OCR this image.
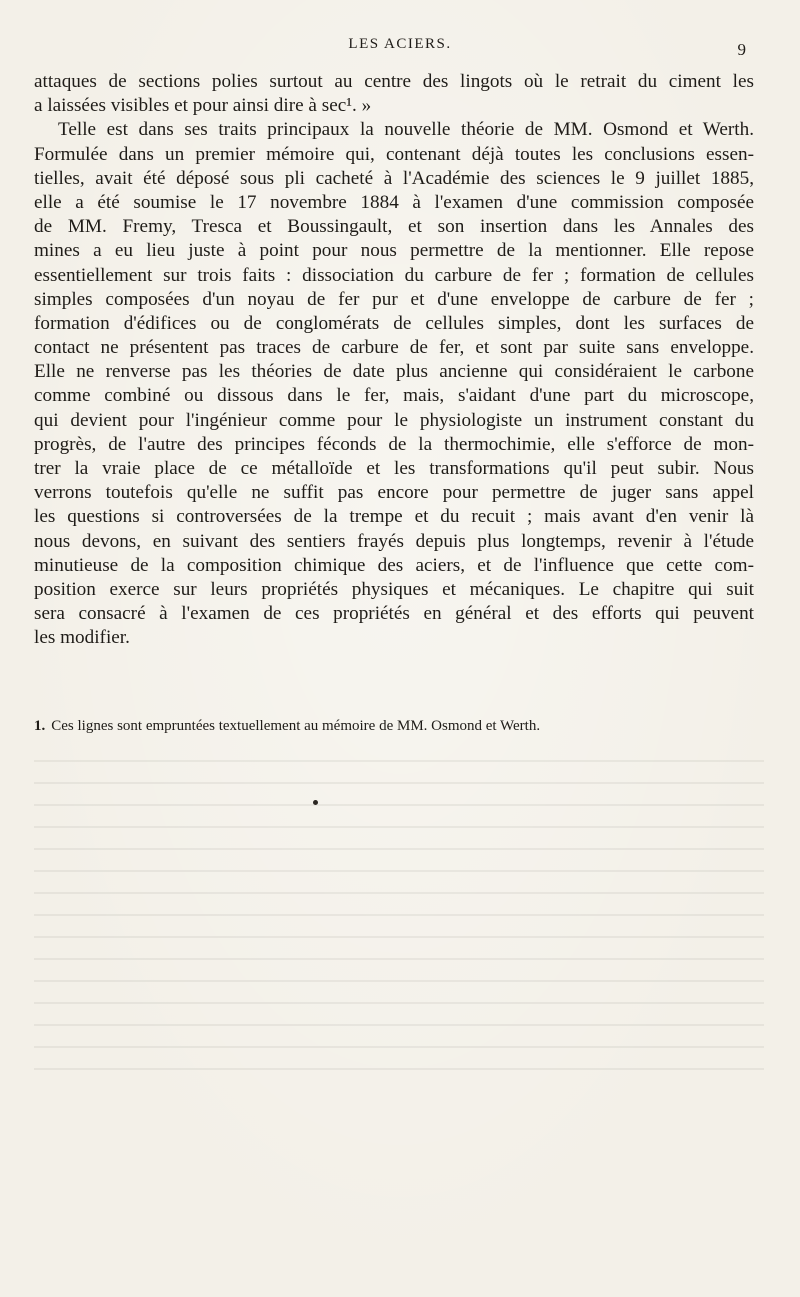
LES ACIERS.	9
attaques de sections polies surtout au centre des lingots où le retrait du ciment les
a laissées visibles et pour ainsi dire à sec¹. »
Telle est dans ses traits principaux la nouvelle théorie de MM. Osmond et Werth.
Formulée dans un premier mémoire qui, contenant déjà toutes les conclusions essen-
tielles, avait été déposé sous pli cacheté à l'Académie des sciences le 9 juillet 1885,
elle a été soumise le 17 novembre 1884 à l'examen d'une commission composée
de MM. Fremy, Tresca et Boussingault, et son insertion dans les Annales des
mines a eu lieu juste à point pour nous permettre de la mentionner. Elle repose
essentiellement sur trois faits : dissociation du carbure de fer ; formation de cellules
simples composées d'un noyau de fer pur et d'une enveloppe de carbure de fer ;
formation d'édifices ou de conglomérats de cellules simples, dont les surfaces de
contact ne présentent pas traces de carbure de fer, et sont par suite sans enveloppe.
Elle ne renverse pas les théories de date plus ancienne qui considéraient le carbone
comme combiné ou dissous dans le fer, mais, s'aidant d'une part du microscope,
qui devient pour l'ingénieur comme pour le physiologiste un instrument constant du
progrès, de l'autre des principes féconds de la thermochimie, elle s'efforce de mon-
trer la vraie place de ce métalloïde et les transformations qu'il peut subir. Nous
verrons toutefois qu'elle ne suffit pas encore pour permettre de juger sans appel
les questions si controversées de la trempe et du recuit ; mais avant d'en venir là
nous devons, en suivant des sentiers frayés depuis plus longtemps, revenir à l'étude
minutieuse de la composition chimique des aciers, et de l'influence que cette com-
position exerce sur leurs propriétés physiques et mécaniques. Le chapitre qui suit
sera consacré à l'examen de ces propriétés en général et des efforts qui peuvent
les modifier.
1. Ces lignes sont empruntées textuellement au mémoire de MM. Osmond et Werth.
